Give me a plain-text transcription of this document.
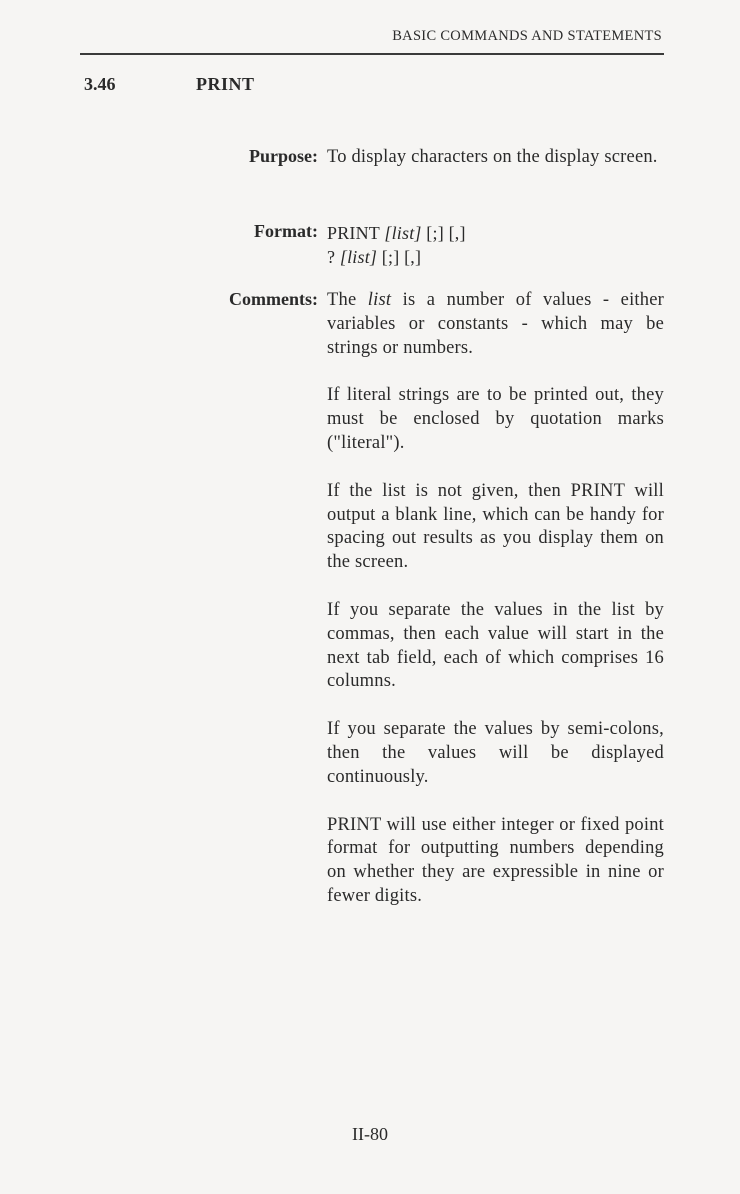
BASIC COMMANDS AND STATEMENTS
3.46	PRINT
Purpose: To display characters on the display screen.

Format: PRINT [list] [;] [,]
? [list] [;] [,]
Comments: The list is a number of values - either variables or constants - which may be strings or numbers.

If literal strings are to be printed out, they must be enclosed by quotation marks ("literal").

If the list is not given, then PRINT will output a blank line, which can be handy for spacing out results as you display them on the screen.

If you separate the values in the list by commas, then each value will start in the next tab field, each of which comprises 16 columns.

If you separate the values by semi-colons, then the values will be displayed continuously.

PRINT will use either integer or fixed point format for outputting numbers depending on whether they are expressible in nine or fewer digits.

II-80
